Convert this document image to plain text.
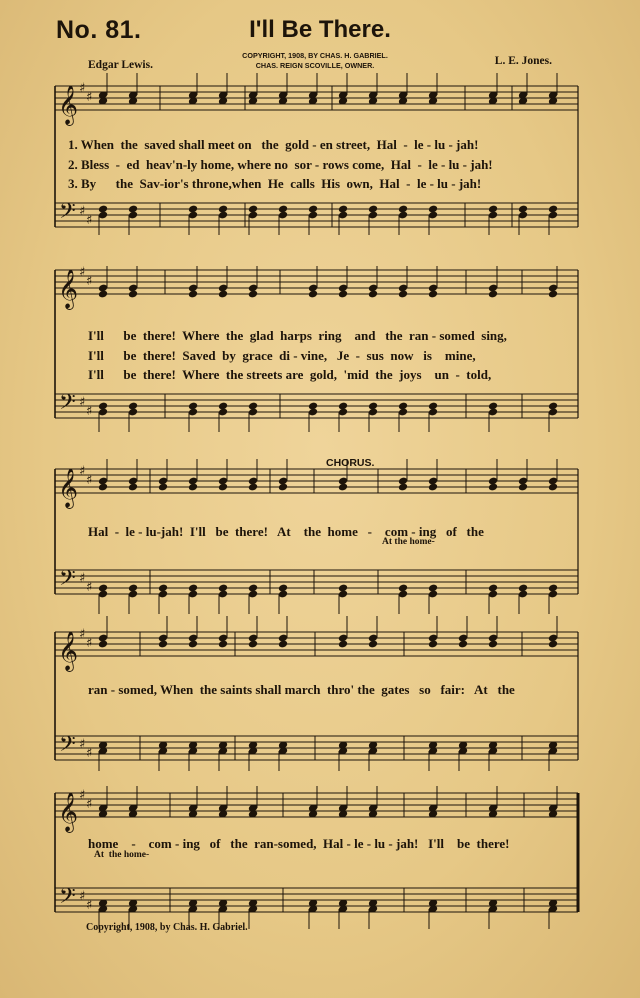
𝄞
𝄢
♯
♯
♯
♯
𝄞
𝄢
♯
♯
♯
♯
𝄞
𝄢
♯
♯
♯
♯
𝄞
𝄢
♯
♯
♯
♯
𝄞
𝄢
♯
♯
♯
♯
No. 81.	I'll Be There.
COPYRIGHT, 1908, BY CHAS. H. GABRIEL.
CHAS. REIGN SCOVILLE, OWNER.
Edgar Lewis.	L. E. Jones.
1. When  the  saved shall meet on   the  gold - en street,  Hal  -  le - lu - jah!
2. Bless  -  ed  heav'n-ly home, where no  sor - rows come,  Hal  -  le - lu - jah!
3. By      the  Sav-ior's throne,when  He  calls  His  own,  Hal  -  le - lu - jah!
I'll      be  there!  Where  the  glad  harps  ring    and   the  ran - somed  sing,
I'll      be  there!  Saved  by  grace  di - vine,   Je  -  sus  now   is    mine,
I'll      be  there!  Where  the streets are  gold,  'mid  the  joys    un  -  told,
CHORUS.
Hal  -  le - lu-jah!  I'll   be  there!   At    the  home   -    com - ing   of   the
At the home-
ran - somed, When  the saints shall march  thro' the  gates   so   fair:   At   the
home    -    com - ing   of   the  ran-somed,  Hal - le - lu - jah!   I'll    be  there!
At  the home-
Copyright, 1908, by Chas. H. Gabriel.
